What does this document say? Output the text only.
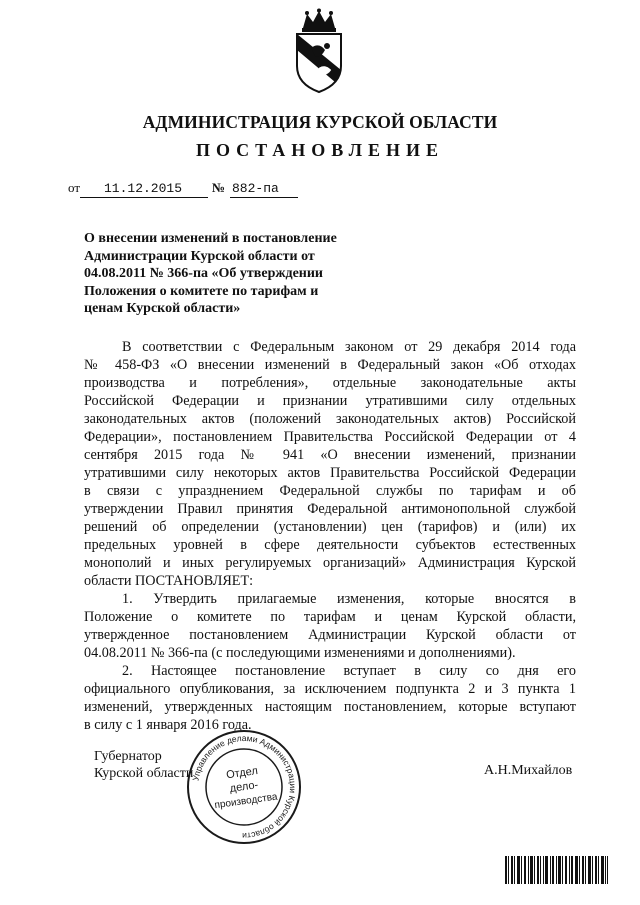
АДМИНИСТРАЦИЯ КУРСКОЙ ОБЛАСТИ
ПОСТАНОВЛЕНИЕ
от 11.12.2015 № 882-па
О внесении изменений в постановление
Администрации Курской области от
04.08.2011 № 366-па «Об утверждении
Положения о комитете по тарифам и
ценам Курской области»
В соответствии с Федеральным законом от 29 декабря 2014 года
№ 458-ФЗ «О внесении изменений в Федеральный закон «Об отходах
производства и потребления», отдельные законодательные акты
Российской Федерации и признании утратившими силу отдельных
законодательных актов (положений законодательных актов) Российской
Федерации», постановлением Правительства Российской Федерации от 4
сентября 2015 года № 941 «О внесении изменений, признании
утратившими силу некоторых актов Правительства Российской Федерации
в связи с упразднением Федеральной службы по тарифам и об
утверждении Правил принятия Федеральной антимонопольной службой
решений об определении (установлении) цен (тарифов) и (или) их
предельных уровней в сфере деятельности субъектов естественных
монополий и иных регулируемых организаций» Администрация Курской
области ПОСТАНОВЛЯЕТ:
1. Утвердить прилагаемые изменения, которые вносятся в
Положение о комитете по тарифам и ценам Курской области,
утвержденное постановлением Администрации Курской области от
04.08.2011 № 366-па (с последующими изменениями и дополнениями).
2. Настоящее постановление вступает в силу со дня его
официального опубликования, за исключением подпункта 2 и 3 пункта 1
изменений, утвержденных настоящим постановлением, которые вступают
в силу с 1 января 2016 года.
Губернатор
Курской области	А.Н.Михайлов
Управление делами Администрации Курской области
Отдел
дело-
производства
